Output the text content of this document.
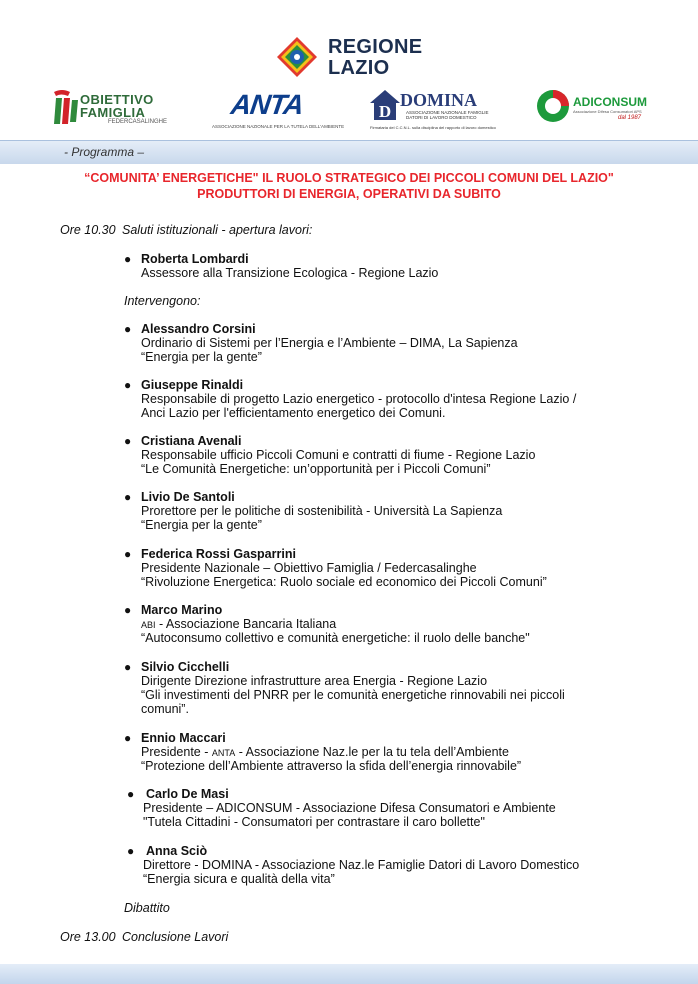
REGIONE
LAZIO
OBIETTIVO
FAMIGLIA
FEDERCASALINGHE
ANTA
ASSOCIAZIONE NAZIONALE PER LA TUTELA DELL'AMBIENTE
D
DOMINA
ASSOCIAZIONE NAZIONALE FAMIGLIE DATORI DI LAVORO DOMESTICO
Firmataria del C.C.N.L. sulla disciplina del rapporto di lavoro domestico
ADICONSUM
Associazione Difesa Consumatori APS
dal 1987
- Programma –
“COMUNITA’ ENERGETICHE" IL RUOLO STRATEGICO DEI PICCOLI COMUNI DEL LAZIO"
PRODUTTORI DI ENERGIA, OPERATIVI DA SUBITO
Ore 10.30 Saluti istituzionali - apertura lavori:
● Roberta Lombardi
Assessore alla Transizione Ecologica - Regione Lazio
Intervengono:
● Alessandro Corsini
Ordinario di Sistemi per l’Energia e l’Ambiente – DIMA, La Sapienza
“Energia per la gente”
● Giuseppe Rinaldi
Responsabile di progetto Lazio energetico - protocollo d'intesa Regione Lazio /
Anci Lazio per l'efficientamento energetico dei Comuni.
● Cristiana Avenali
Responsabile ufficio Piccoli Comuni e contratti di fiume - Regione Lazio
“Le Comunità Energetiche: un’opportunità per i Piccoli Comuni”
● Livio De Santoli
Prorettore per le politiche di sostenibilità - Università La Sapienza
“Energia per la gente”
● Federica Rossi Gasparrini
Presidente Nazionale – Obiettivo Famiglia / Federcasalinghe
“Rivoluzione Energetica: Ruolo sociale ed economico dei Piccoli Comuni”
● Marco Marino
ABI - Associazione Bancaria Italiana
“Autoconsumo collettivo e comunità energetiche: il ruolo delle banche"
● Silvio Cicchelli
Dirigente Direzione infrastrutture area Energia - Regione Lazio
“Gli investimenti del PNRR per le comunità energetiche rinnovabili nei piccoli
comuni”.
● Ennio Maccari
Presidente - ANTA - Associazione Naz.le per la tu tela dell’Ambiente
“Protezione dell’Ambiente attraverso la sfida dell’energia rinnovabile”
● Carlo De Masi
Presidente – ADICONSUM - Associazione Difesa Consumatori e Ambiente
"Tutela Cittadini - Consumatori per contrastare il caro bollette"
● Anna Sciò
Direttore - DOMINA - Associazione Naz.le Famiglie Datori di Lavoro Domestico
“Energia sicura e qualità della vita”
Dibattito
Ore 13.00 Conclusione Lavori
